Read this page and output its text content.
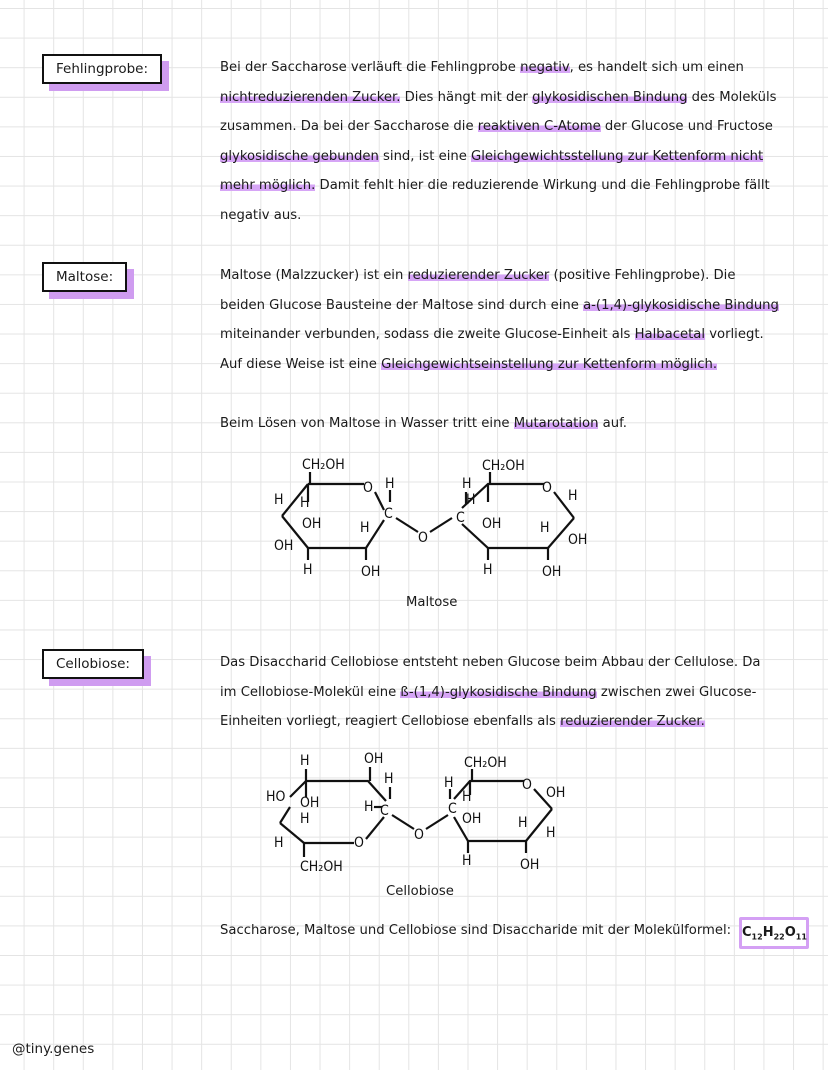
Fehlingprobe:	Bei der Saccharose verläuft die Fehlingprobe negativ, es handelt sich um einen
nichtreduzierenden Zucker. Dies hängt mit der glykosidischen Bindung des Moleküls
zusammen. Da bei der Saccharose die reaktiven C-Atome der Glucose und Fructose
glykosidische gebunden sind, ist eine Gleichgewichtsstellung zur Kettenform nicht
mehr möglich. Damit fehlt hier die reduzierende Wirkung und die Fehlingprobe fällt
negativ aus.
Maltose:	Maltose (Malzzucker) ist ein reduzierender Zucker (positive Fehlingprobe). Die
beiden Glucose Bausteine der Maltose sind durch eine a-(1,4)-glykosidische Bindung
miteinander verbunden, sodass die zweite Glucose-Einheit als Halbacetal vorliegt.
Auf diese Weise ist eine Gleichgewichtseinstellung zur Kettenform möglich.
Beim Lösen von Maltose in Wasser tritt eine Mutarotation auf.
CH₂OH
O
H
H
OH
OH
H
H	OH
H
C
O
CH₂OH
C
O
H
H
OH	H
H
OH
H	OH
Maltose
Cellobiose:	Das Disaccharid Cellobiose entsteht neben Glucose beim Abbau der Cellulose. Da
im Cellobiose-Molekül eine ß-(1,4)-glykosidische Bindung zwischen zwei Glucose-
Einheiten vorliegt, reagiert Cellobiose ebenfalls als reduzierender Zucker.
H	OH
H
HO OH
H
H	O
CH₂OH
H C
O
CH₂OH
C
O
H
H
OH	H
OH
H
H	OH
Cellobiose
Saccharose, Maltose und Cellobiose sind Disaccharide mit der Molekülformel: $C_{12}H_{22}O_{11}$
@tiny.genes
